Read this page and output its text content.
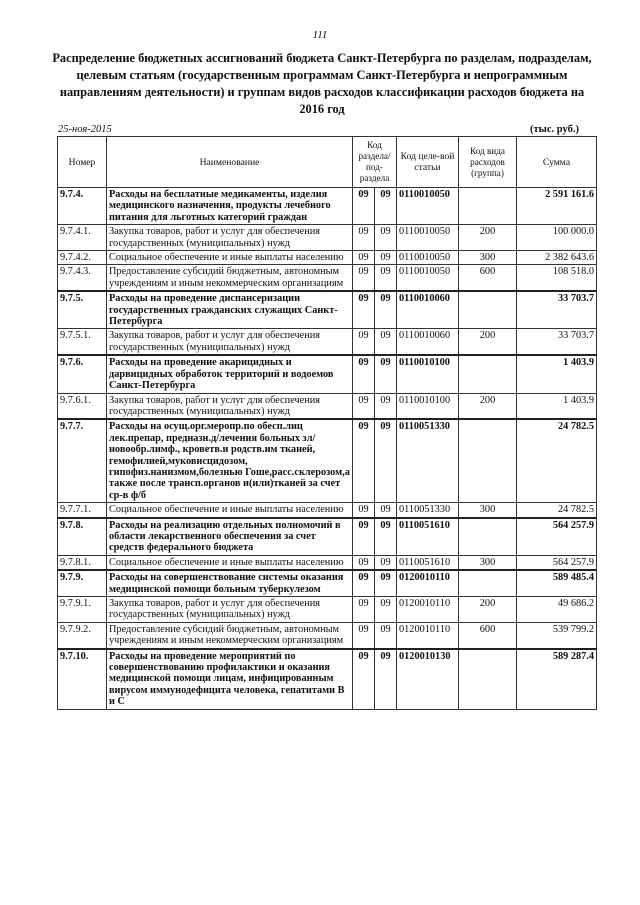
111
Распределение бюджетных ассигнований бюджета Санкт-Петербурга по разделам, подразделам, целевым статьям (государственным программам Санкт-Петербурга и непрограммным направлениям деятельности) и группам видов расходов классификации расходов бюджета на 2016 год
25-ноя-2015	(тыс. руб.)
Номер	Наименование	Код раздела/ под-раздела		Код целе-вой статьи	Код вида расходов (группа)	Сумма
9.7.4.	Расходы на бесплатные медикаменты, изделия медицинского назначения, продукты лечебного питания для льготных категорий граждан	09	09	0110010050		2 591 161.6
9.7.4.1.	Закупка товаров, работ и услуг для обеспечения государственных (муниципальных) нужд	09	09	0110010050	200	100 000.0
9.7.4.2.	Социальное обеспечение и иные выплаты населению	09	09	0110010050	300	2 382 643.6
9.7.4.3.	Предоставление субсидий бюджетным, автономным учреждениям и иным некоммерческим организациям	09	09	0110010050	600	108 518.0
9.7.5.	Расходы на проведение диспансеризации государственных гражданских служащих Санкт-Петербурга	09	09	0110010060		33 703.7
9.7.5.1.	Закупка товаров, работ и услуг для обеспечения государственных (муниципальных) нужд	09	09	0110010060	200	33 703.7
9.7.6.	Расходы на проведение акарицидных и дарвицидных обработок территорий и водоемов Санкт-Петербурга	09	09	0110010100		1 403.9
9.7.6.1.	Закупка товаров, работ и услуг для обеспечения государственных (муниципальных) нужд	09	09	0110010100	200	1 403.9
9.7.7.	Расходы на осущ.орг.меропр.по обесп.лиц лек.препар, предназн.д/лечения больных зл/новообр.лимф., кроветв.и родств.им тканей, гемофилией,муковисцидозом, гипофиз.нанизмом,болезнью Гоше,расс.склерозом,а также после трансп.органов и(или)тканей за счет ср-в ф/б	09	09	0110051330		24 782.5
9.7.7.1.	Социальное обеспечение и иные выплаты населению	09	09	0110051330	300	24 782.5
9.7.8.	Расходы на реализацию отдельных полномочий в области лекарственного обеспечения за счет средств федерального бюджета	09	09	0110051610		564 257.9
9.7.8.1.	Социальное обеспечение и иные выплаты населению	09	09	0110051610	300	564 257.9
9.7.9.	Расходы на совершенствование системы оказания медицинской помощи больным туберкулезом	09	09	0120010110		589 485.4
9.7.9.1.	Закупка товаров, работ и услуг для обеспечения государственных (муниципальных) нужд	09	09	0120010110	200	49 686.2
9.7.9.2.	Предоставление субсидий бюджетным, автономным учреждениям и иным некоммерческим организациям	09	09	0120010110	600	539 799.2
9.7.10.	Расходы на проведение мероприятий по совершенствованию профилактики и оказания медицинской помощи лицам, инфицированным вирусом иммунодефицита человека, гепатитами В и С	09	09	0120010130		589 287.4
